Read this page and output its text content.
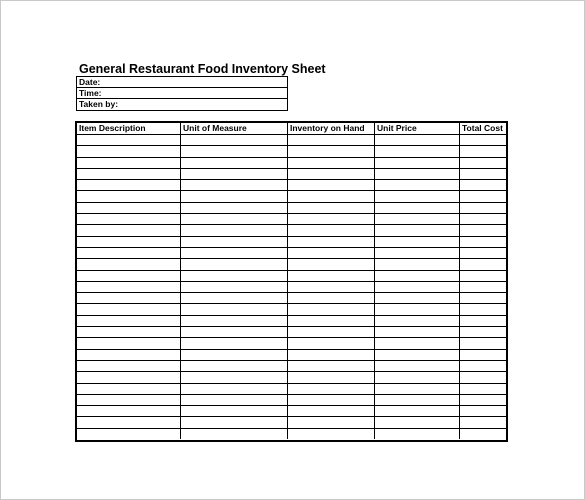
General Restaurant Food Inventory Sheet
Date:
Time:
Taken by:
Item Description	Unit of Measure	Inventory on Hand	Unit Price	Total Cost
